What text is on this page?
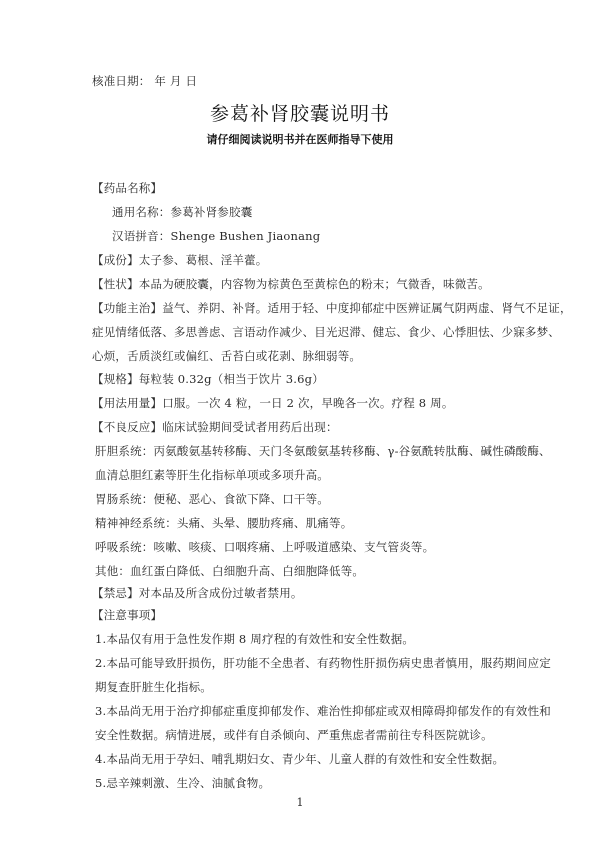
核准日期： 年 月 日
参葛补肾胶囊说明书
请仔细阅读说明书并在医师指导下使用
【药品名称】
通用名称：参葛补肾参胶囊
汉语拼音：Shenge Bushen Jiaonang
【成份】太子参、葛根、淫羊藿。
【性状】本品为硬胶囊，内容物为棕黄色至黄棕色的粉末；气微香，味微苦。
【功能主治】益气、养阴、补肾。适用于轻、中度抑郁症中医辨证属气阴两虚、肾气不足证，
症见情绪低落、多思善虑、言语动作减少、目光迟滞、健忘、食少、心悸胆怯、少寐多梦、
心烦，舌质淡红或偏红、舌苔白或花剥、脉细弱等。
【规格】每粒装 0.32g（相当于饮片 3.6g）
【用法用量】口服。一次 4 粒，一日 2 次，早晚各一次。疗程 8 周。
【不良反应】临床试验期间受试者用药后出现：
肝胆系统：丙氨酸氨基转移酶、天门冬氨酸氨基转移酶、γ-谷氨酰转肽酶、碱性磷酸酶、
血清总胆红素等肝生化指标单项或多项升高。
胃肠系统：便秘、恶心、食欲下降、口干等。
精神神经系统：头痛、头晕、腰肋疼痛、肌痛等。
呼吸系统：咳嗽、咳痰、口咽疼痛、上呼吸道感染、支气管炎等。
其他：血红蛋白降低、白细胞升高、白细胞降低等。
【禁忌】对本品及所含成份过敏者禁用。
【注意事项】
1.本品仅有用于急性发作期 8 周疗程的有效性和安全性数据。
2.本品可能导致肝损伤，肝功能不全患者、有药物性肝损伤病史患者慎用，服药期间应定
期复查肝脏生化指标。
3.本品尚无用于治疗抑郁症重度抑郁发作、难治性抑郁症或双相障碍抑郁发作的有效性和
安全性数据。病情进展，或伴有自杀倾向、严重焦虑者需前往专科医院就诊。
4.本品尚无用于孕妇、哺乳期妇女、青少年、儿童人群的有效性和安全性数据。
5.忌辛辣刺激、生冷、油腻食物。
1
